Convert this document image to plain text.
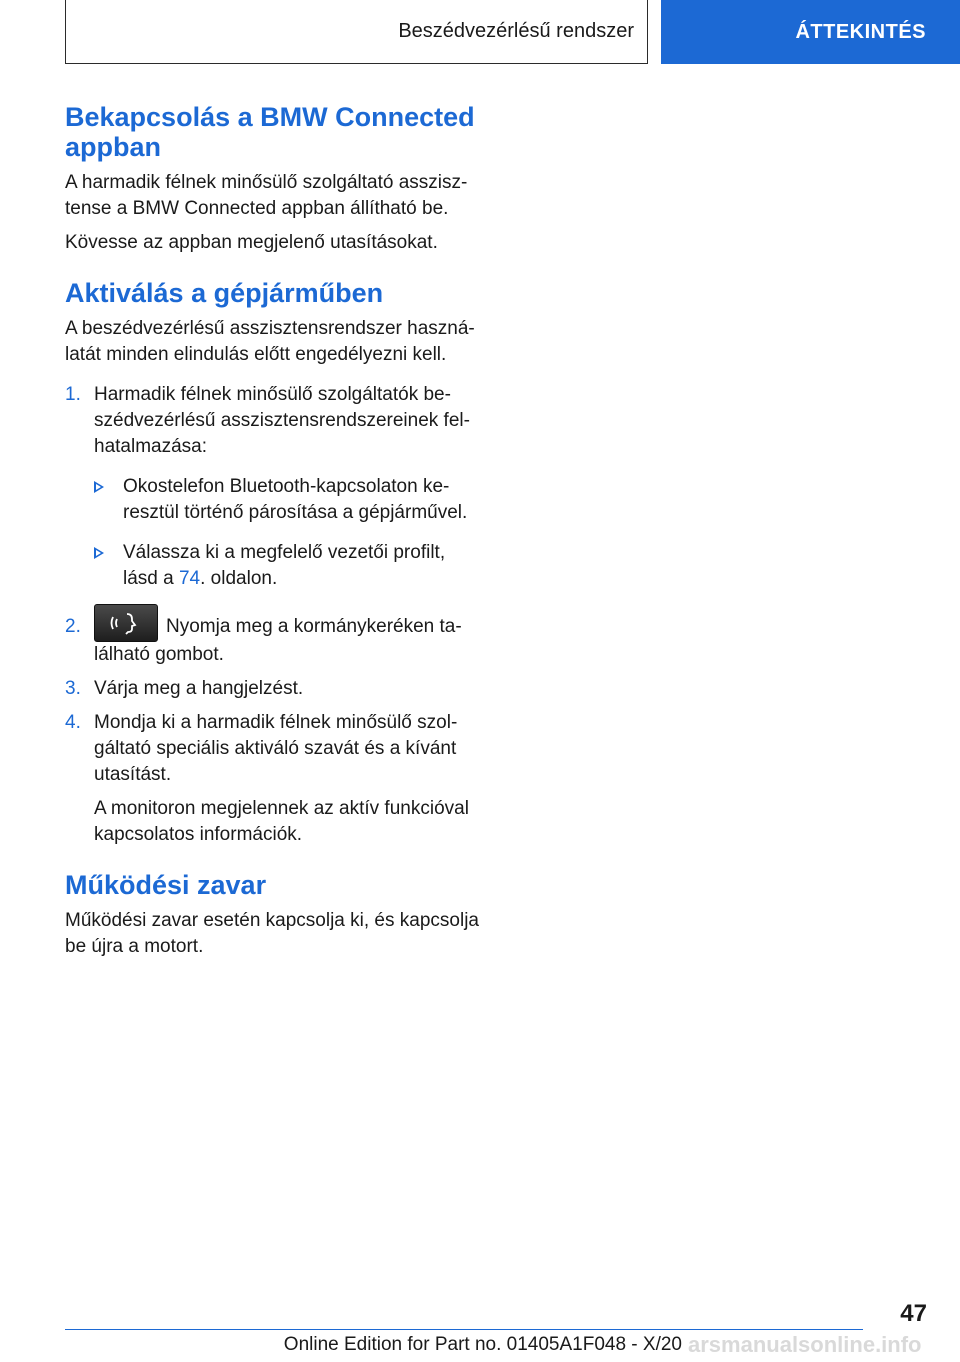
Beszédvezérlésű rendszer	ÁTTEKINTÉS
Bekapcsolás a BMW Connected appban

A harmadik félnek minősülő szolgáltató asszisz-tense a BMW Connected appban állítható be.

Kövesse az appban megjelenő utasításokat.

Aktiválás a gépjárműben

A beszédvezérlésű asszisztensrendszer haszná-latát minden elindulás előtt engedélyezni kell.

1. Harmadik félnek minősülő szolgáltatók be-szédvezérlésű asszisztensrendszereinek fel-hatalmazása:

Okostelefon Bluetooth-kapcsolaton ke-resztül történő párosítása a gépjárművel.

Válassza ki a megfelelő vezetői profilt, lásd a 74. oldalon.

2.	Nyomja meg a kormánykeréken ta-lálható gombot.

3. Várja meg a hangjelzést.

4. Mondja ki a harmadik félnek minősülő szol-gáltató speciális aktiváló szavát és a kívánt utasítást.

A monitoron megjelennek az aktív funkcióval kapcsolatos információk.

Működési zavar

Működési zavar esetén kapcsolja ki, és kapcsolja be újra a motort.

47
Online Edition for Part no. 01405A1F048 - X/20 arsmanualsonline.info
